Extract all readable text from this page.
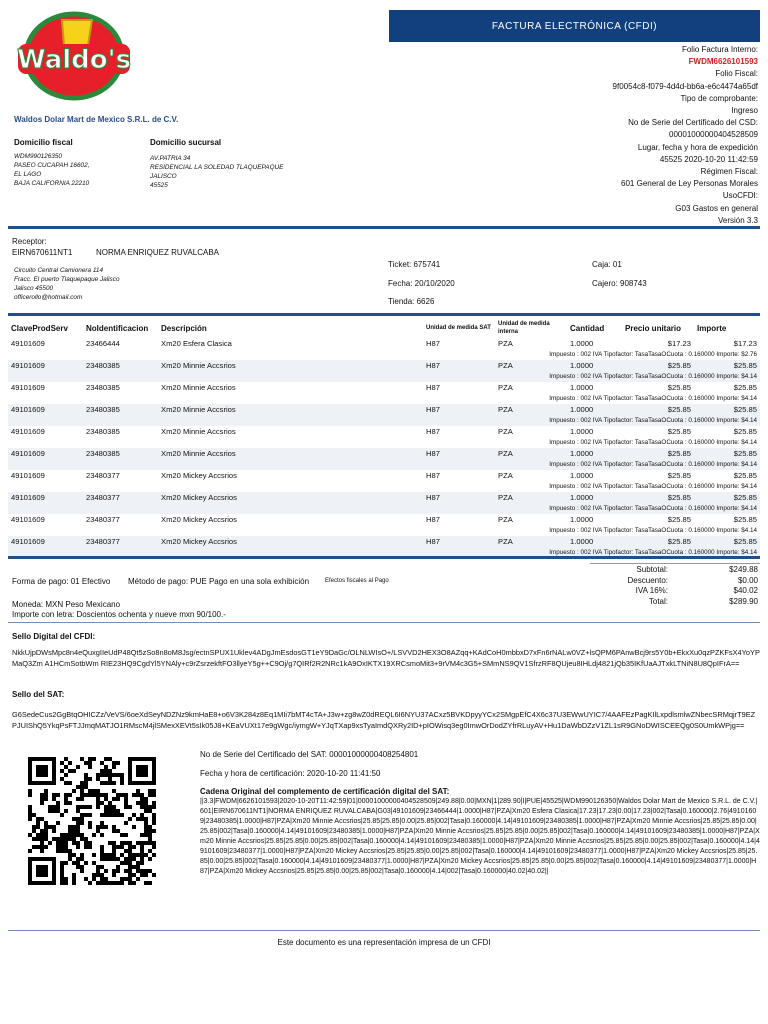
Waldo's
FACTURA ELECTRÓNICA (CFDI)
Folio Factura Interno:
FWDM6626101593
Folio Fiscal:
9f0054c8-f079-4d4d-bb6a-e6c4474a65df
Tipo de comprobante:
Ingreso
No de Serie del Certificado del CSD:
00001000000404528509
Lugar, fecha y hora de expedición
45525 2020-10-20 11:42:59
Régimen Fiscal:
601 General de Ley Personas Morales
UsoCFDI:
G03 Gastos en general
Versión 3.3
Waldos Dolar Mart de Mexico S.R.L. de C.V.
Domicilio fiscal
WDM990126350
PASEO CUCAPAH 16602,
EL LAGO
BAJA CALIFORNIA 22210
Domicilio sucursal
AV.PATRIA 34
RESIDENCIAL LA SOLEDAD TLAQUEPAQUE
JALISCO
45525
Receptor:
EIRN670611NT1	NORMA ENRIQUEZ RUVALCABA
Circuito Central Camionera 114
Fracc. El puerto Tlaquepaque Jalisco
Jalisco 45500
officerollo@hotmail.com
Ticket: 675741	Caja: 01
Fecha: 20/10/2020	Cajero: 908743
Tienda: 6626
ClaveProdServ	NoIdentificacion	Descripción	Unidad de medida SAT	Unidad de medida interna	Cantidad	Precio unitario	Importe
49101609	23466444	Xm20 Esfera Clasica	H87	PZA	1.0000	$17.23	$17.23
Impuesto : 002 IVA Tipofactor: TasaTasaOCuota : 0.160000 Importe: $2.76							
49101609	23480385	Xm20 Minnie Accsrios	H87	PZA	1.0000	$25.85	$25.85
Impuesto : 002 IVA Tipofactor: TasaTasaOCuota : 0.160000 Importe: $4.14							
49101609	23480385	Xm20 Minnie Accsrios	H87	PZA	1.0000	$25.85	$25.85
Impuesto : 002 IVA Tipofactor: TasaTasaOCuota : 0.160000 Importe: $4.14							
49101609	23480385	Xm20 Minnie Accsrios	H87	PZA	1.0000	$25.85	$25.85
Impuesto : 002 IVA Tipofactor: TasaTasaOCuota : 0.160000 Importe: $4.14							
49101609	23480385	Xm20 Minnie Accsrios	H87	PZA	1.0000	$25.85	$25.85
Impuesto : 002 IVA Tipofactor: TasaTasaOCuota : 0.160000 Importe: $4.14							
49101609	23480385	Xm20 Minnie Accsrios	H87	PZA	1.0000	$25.85	$25.85
Impuesto : 002 IVA Tipofactor: TasaTasaOCuota : 0.160000 Importe: $4.14							
49101609	23480377	Xm20 Mickey Accsrios	H87	PZA	1.0000	$25.85	$25.85
Impuesto : 002 IVA Tipofactor: TasaTasaOCuota : 0.160000 Importe: $4.14							
49101609	23480377	Xm20 Mickey Accsrios	H87	PZA	1.0000	$25.85	$25.85
Impuesto : 002 IVA Tipofactor: TasaTasaOCuota : 0.160000 Importe: $4.14							
49101609	23480377	Xm20 Mickey Accsrios	H87	PZA	1.0000	$25.85	$25.85
Impuesto : 002 IVA Tipofactor: TasaTasaOCuota : 0.160000 Importe: $4.14							
49101609	23480377	Xm20 Mickey Accsrios	H87	PZA	1.0000	$25.85	$25.85
Impuesto : 002 IVA Tipofactor: TasaTasaOCuota : 0.160000 Importe: $4.14							
Forma de pago: 01 Efectivo Método de pago: PUE Pago en una sola exhibición	Efectos fiscales al Pago
Moneda: MXN Peso Mexicano
Importe con letra: Doscientos ochenta y nueve mxn 90/100.-
Subtotal:	$249.88
Descuento:	$0.00
IVA 16%:	$40.02
Total:	$289.90
Sello Digital del CFDI:
NkkUjpDWsMpc8n4eQuxgIIeUdP48Qt5zSo8n8oM8Jsg/ectnSPUX1Uklev4ADgJmEsdosGT1eY9DaGc/OLNLWIsO+/LSVVD2HEX3O8AZqq+KAdCoH0mbbxD7xFn6rNALw0VZ+lsQPM6PAnwBcj9rs5Y0b+EkxXu0qzPZKFsX4YoYPMaQ3Zm A1HCmSotbWm RIE23HQ9CgdYl5YNAly+c9rZsrzekftFO3llyeY5g++C9Oj/g7QIRf2R2NRc1kA9OxIKTX19XRCsmoMit3+9rVM4c3G5+SMmNS9QV1SfrzRF8QUjeu8IHLdj4821jQb35IKfUaAJTxkLTNiN8U8QpIFrA==
Sello del SAT:
G6SedeCus2GgBtqOHICZz/VeVS/6oeXdSeyNDZNz9kmHaE8+o6V3K284z8Eq1MIi7bMT4cTA+J3w+zg8wZ0dREQL6I6NYU37ACxz5BVKDpyyYCx2SMgpEfC4X6c37U3EWwUYIC7/4AAFEzPagKIlLxpdlsmlwZNbecSRMqjrT9EZPJUIShQ5YkqPsFTJJmqMATJO1RMscM4jlSMexXEVt5sIk05J8+KEaVUXt17e9gWgc/iymgW+YJqTXap9xsTyaImdQXRy2ID+pIOWisq3eg0ImwOrDodZYfrRLuyAV+Hu1DaWbDZzV1ZL1sR9GNoDWISCEEQg0S0UmkWPjg==
No de Serie del Certificado del SAT: 00001000000408254801
Fecha y hora de certificación: 2020-10-20 11:41:50
Cadena Original del complemento de certificación digital del SAT:
||3.3|FWDM|6626101593|2020-10-20T11:42:59|01|00001000000404528509|249.88|0.00|MXN|1|289.90|I|PUE|45525|WDM990126350|Waldos Dolar Mart de Mexico S.R.L. de C.V.|601|EIRN670611NT1|NORMA ENRIQUEZ RUVALCABA|G03|49101609|23466444|1.0000|H87|PZA|Xm20 Esfera Clasica|17.23|17.23|0.00|17.23|002|Tasa|0.160000|2.76|49101609|23480385|1.0000|H87|PZA|Xm20 Minnie Accsrios|25.85|25.85|0.00|25.85|002|Tasa|0.160000|4.14|49101609|23480385|1.0000|H87|PZA|Xm20 Minnie Accsrios|25.85|25.85|0.00|25.85|002|Tasa|0.160000|4.14|49101609|23480385|1.0000|H87|PZA|Xm20 Minnie Accsrios|25.85|25.85|0.00|25.85|002|Tasa|0.160000|4.14|49101609|23480385|1.0000|H87|PZA|Xm20 Minnie Accsrios|25.85|25.85|0.00|25.85|002|Tasa|0.160000|4.14|49101609|23480385|1.0000|H87|PZA|Xm20 Minnie Accsrios|25.85|25.85|0.00|25.85|002|Tasa|0.160000|4.14|49101609|23480377|1.0000|H87|PZA|Xm20 Mickey Accsrios|25.85|25.85|0.00|25.85|002|Tasa|0.160000|4.14|49101609|23480377|1.0000|H87|PZA|Xm20 Mickey Accsrios|25.85|25.85|0.00|25.85|002|Tasa|0.160000|4.14|49101609|23480377|1.0000|H87|PZA|Xm20 Mickey Accsrios|25.85|25.85|0.00|25.85|002|Tasa|0.160000|4.14|49101609|23480377|1.0000|H87|PZA|Xm20 Mickey Accsrios|25.85|25.85|0.00|25.85|002|Tasa|0.160000|4.14|002|Tasa|0.160000|40.02|40.02||
Este documento es una representación impresa de un CFDI
